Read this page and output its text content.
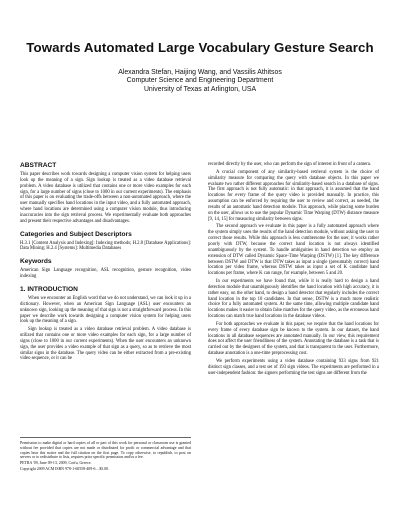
Towards Automated Large Vocabulary Gesture Search
Alexandra Stefan, Haijing Wang, and Vassilis Athitsos
Computer Science and Engineering Department
University of Texas at Arlington, USA
ABSTRACT

This paper describes work towards designing a computer vision system for helping users look up the meaning of a sign. Sign lookup is treated as a video database retrieval problem. A video database is utilized that contains one or more video examples for each sign, for a large number of signs (close to 1000 in our current experiments). The emphasis of this paper is on evaluating the trade-offs between a non-automated approach, where the user manually specifies hand locations in the input video, and a fully automated approach, where hand locations are determined using a computer vision module, thus introducing inaccuracies into the sign retrieval process. We experimentally evaluate both approaches and present their respective advantages and disadvantages.

Categories and Subject Descriptors

H.3.1 [Content Analysis and Indexing]: Indexing methods; H.2.8 [Database Applications]: Data Mining; H.2.4 [Systems]: Multimedia Databases

Keywords

American Sign Language recognition, ASL recognition, gesture recognition, video indexing

1. INTRODUCTION

When we encounter an English word that we do not understand, we can look it up in a dictionary. However, when an American Sign Language (ASL) user encounters an unknown sign, looking up the meaning of that sign is not a straightforward process. In this paper we describe work towards designing a computer vision system for helping users look up the meaning of a sign.

Sign lookup is treated as a video database retrieval problem. A video database is utilized that contains one or more video examples for each sign, for a large number of signs (close to 1000 in our current experiments). When the user encounters an unknown sign, the user provides a video example of that sign as a query, so as to retrieve the most similar signs in the database. The query video can be either extracted from a pre-existing video sequence, or it can be

Permission to make digital or hard copies of all or part of this work for personal or classroom use is granted without fee provided that copies are not made or distributed for profit or commercial advantage and that copies bear this notice and the full citation on the first page. To copy otherwise, to republish, to post on servers or to redistribute to lists, requires prior specific permission and/or a fee.

PETRA '09, June 09-13, 2009, Corfu, Greece.

Copyright 2009 ACM ISBN 978-1-60558-409-6 ...$5.00.

recorded directly by the user, who can perform the sign of interest in front of a camera.

A crucial component of any similarity-based retrieval system is the choice of similarity measure for comparing the query with database objects. In this paper we evaluate two rather different approaches for similarity-based search in a database of signs. The first approach is not fully automatic: in that approach, it is assumed that the hand locations for every frame of the query video is provided manually. In practice, this assumption can be enforced by requiring the user to review and correct, as needed, the results of an automatic hand detection module. This approach, while placing some burden on the user, allows us to use the popular Dynamic Time Warping (DTW) distance measure [9, 14, 15] for measuring similarity between signs.

The second approach we evaluate in this paper is a fully automated approach where the system simply uses the results of the hand detection module, without asking the user to correct those results. While this approach is less cumbersome for the user, it works rather poorly with DTW, because the correct hand location is not always identified unambiguously by the system. To handle ambiguities in hand detection we employ an extension of DTW called Dynamic Space-Time Warping (DSTW) [1]. The key difference between DSTW and DTW is that DTW takes as input a single (presumably correct) hand location per video frame, whereas DSTW takes as input a set of K candidate hand locations per frame, where K can range, for example, between 5 and 20.

In our experiments we have found that, while it is really hard to design a hand detection module that unambiguously identifies the hand location with high accuracy, it is rather easy, on the other hand, to design a hand detector that regularly includes the correct hand location in the top 10 candidates. In that sense, DSTW is a much more realistic choice for a fully automated system. At the same time, allowing multiple candidate hand locations makes it easier to obtain false matches for the query video, as the erroneous hand locations can match true hand locations in the database videos.

For both approaches we evaluate in this paper, we require that the hand locations for every frame of every database sign be known to the system. In our dataset, the hand locations in all database sequences are annotated manually. In our view, this requirement does not affect the user friendliness of the system. Annotating the database is a task that is carried out by the designers of the system, and that is transparent to the user. Furthermore, database annotation is a one-time preprocessing cost.

We perform experiments using a video database containing 933 signs from 921 distinct sign classes, and a test set of 193 sign videos. The experiments are performed in a user-independent fashion: the signers performing the test signs are different from the
